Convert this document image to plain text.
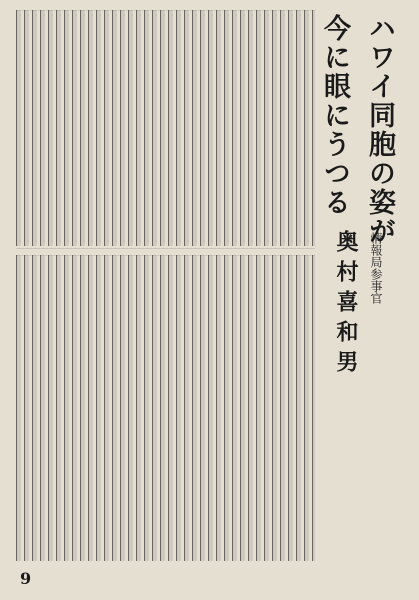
ハワイ同胞の姿が
今に眼にうつる
情報局参事官
奥村喜和男
9
